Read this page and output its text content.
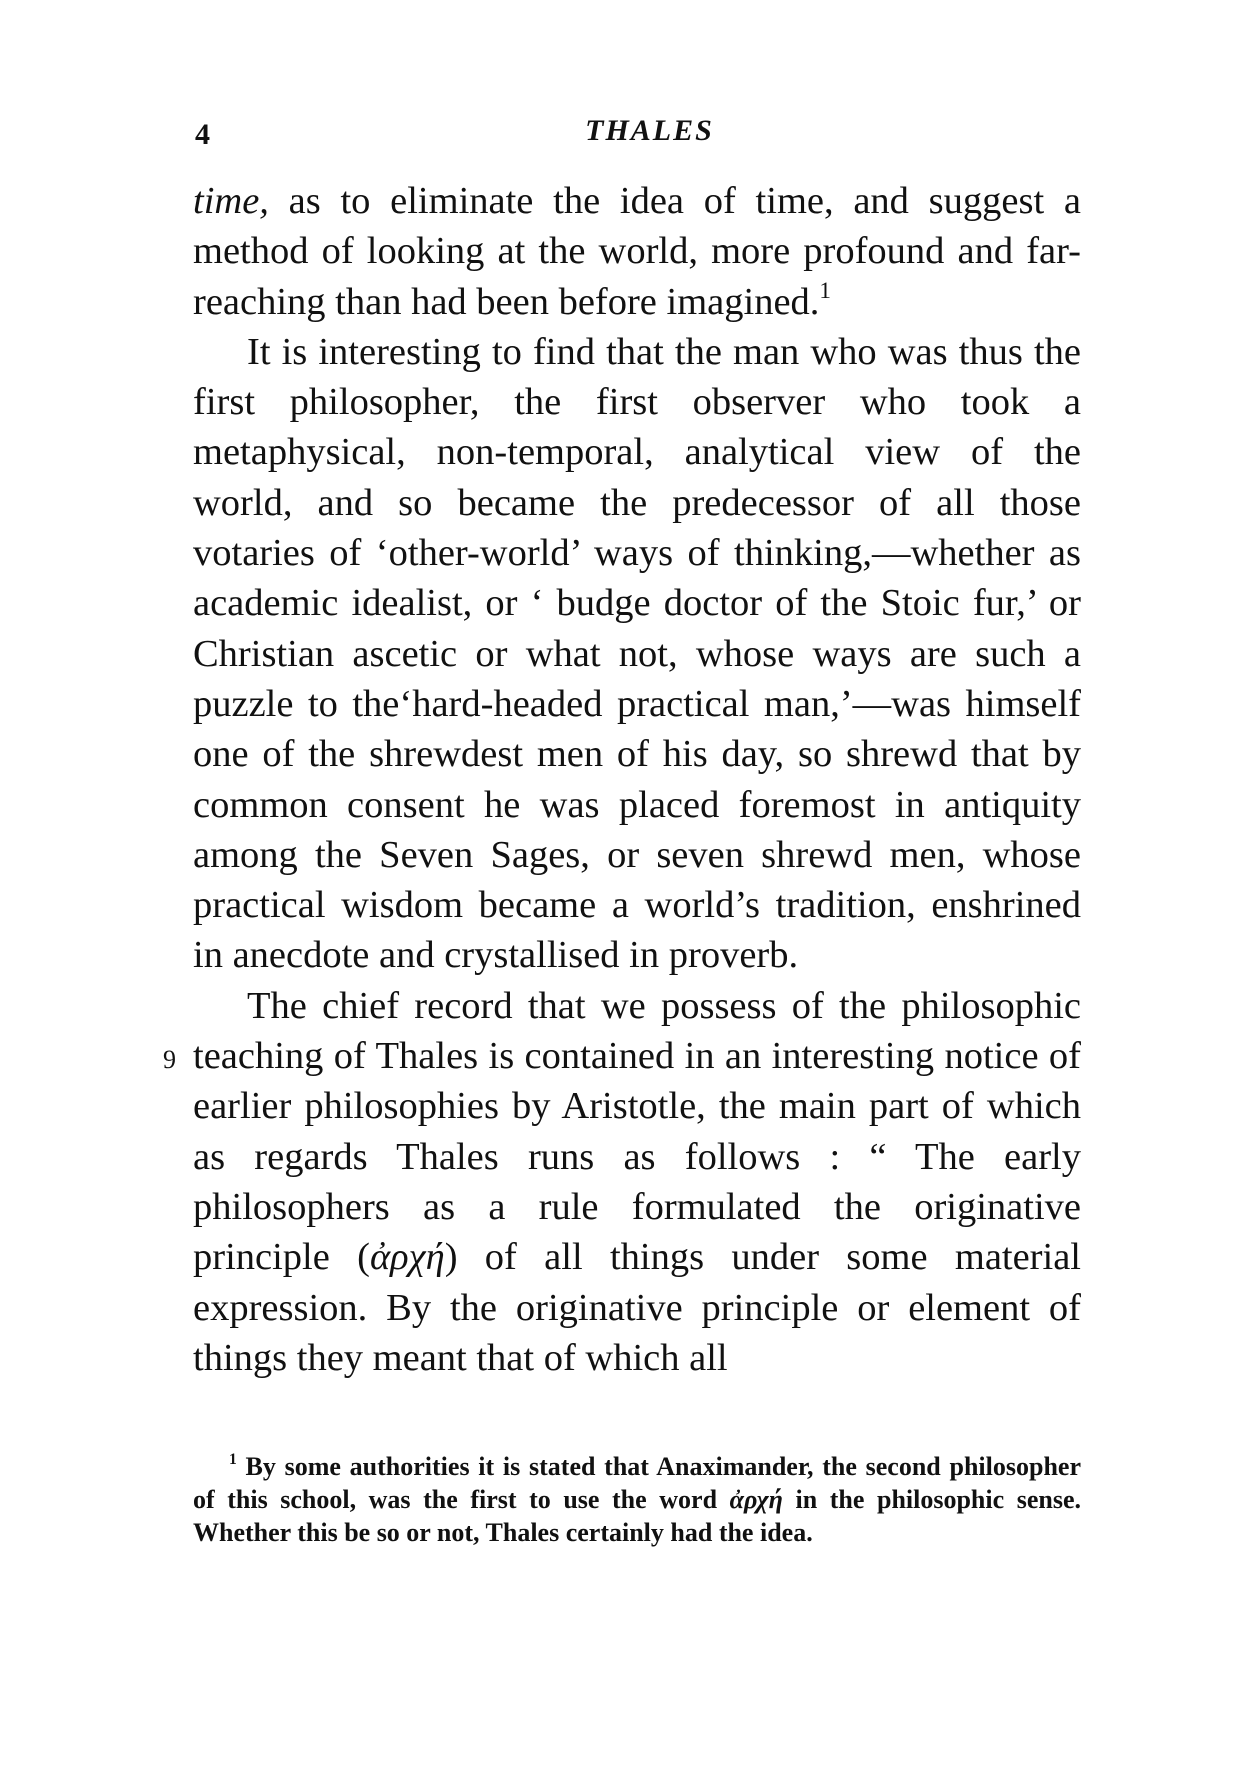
4	THALES

time, as to eliminate the idea of time, and suggest a method of looking at the world, more profound and far-reaching than had been before imagined.$^1$

It is interesting to find that the man who was thus the first philosopher, the first observer who took a metaphysical, non-temporal, analytical view of the world, and so became the predecessor of all those votaries of ‘other-world’ ways of thinking,—whether as academic idealist, or ‘ budge doctor of the Stoic fur,’ or Christian ascetic or what not, whose ways are such a puzzle to the‘hard-headed practical man,’—was himself one of the shrewdest men of his day, so shrewd that by common consent he was placed foremost in antiquity among the Seven Sages, or seven shrewd men, whose practical wisdom became a world’s tradition, enshrined in anecdote and crystallised in proverb.

The chief record that we possess of the philosophic teaching of Thales is contained in an interesting notice of earlier philosophies by Aristotle, the main part of which as regards Thales runs as follows : “ The early philosophers as a rule formulated the originative principle (ἀρχή) of all things under some material expression. By the originative principle or element of things they meant that of which all

9

$^1$ By some authorities it is stated that Anaximander, the second philosopher of this school, was the first to use the word ἀρχή in the philosophic sense. Whether this be so or not, Thales certainly had the idea.
